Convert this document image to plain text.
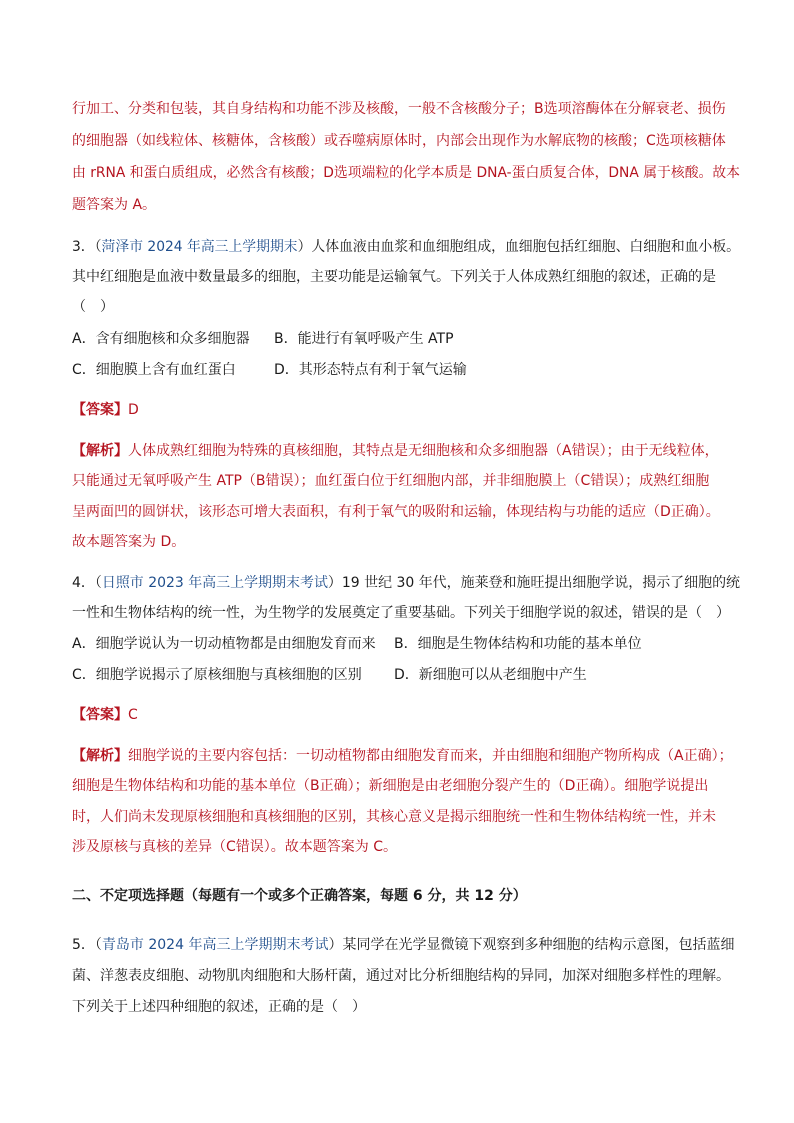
行加工、分类和包装，其自身结构和功能不涉及核酸，一般不含核酸分子；B选项溶酶体在分解衰老、损伤
的细胞器（如线粒体、核糖体，含核酸）或吞噬病原体时，内部会出现作为水解底物的核酸；C选项核糖体
由 rRNA 和蛋白质组成，必然含有核酸；D选项端粒的化学本质是 DNA-蛋白质复合体，DNA 属于核酸。故本
题答案为 A。
3．（菏泽市 2024 年高三上学期期末）人体血液由血浆和血细胞组成，血细胞包括红细胞、白细胞和血小板。
其中红细胞是血液中数量最多的细胞，主要功能是运输氧气。下列关于人体成熟红细胞的叙述，正确的是
（　）
A．含有细胞核和众多细胞器 B．能进行有氧呼吸产生 ATP
C．细胞膜上含有血红蛋白	D．其形态特点有利于氧气运输
【答案】D
【解析】人体成熟红细胞为特殊的真核细胞，其特点是无细胞核和众多细胞器（A错误）；由于无线粒体，
只能通过无氧呼吸产生 ATP（B错误）；血红蛋白位于红细胞内部，并非细胞膜上（C错误）；成熟红细胞
呈两面凹的圆饼状，该形态可增大表面积，有利于氧气的吸附和运输，体现结构与功能的适应（D正确）。
故本题答案为 D。
4．（日照市 2023 年高三上学期期末考试）19 世纪 30 年代，施莱登和施旺提出细胞学说，揭示了细胞的统
一性和生物体结构的统一性，为生物学的发展奠定了重要基础。下列关于细胞学说的叙述，错误的是（　）
A．细胞学说认为一切动植物都是由细胞发育而来 B．细胞是生物体结构和功能的基本单位
C．细胞学说揭示了原核细胞与真核细胞的区别 D．新细胞可以从老细胞中产生
【答案】C
【解析】细胞学说的主要内容包括：一切动植物都由细胞发育而来，并由细胞和细胞产物所构成（A正确）；
细胞是生物体结构和功能的基本单位（B正确）；新细胞是由老细胞分裂产生的（D正确）。细胞学说提出
时，人们尚未发现原核细胞和真核细胞的区别，其核心意义是揭示细胞统一性和生物体结构统一性，并未
涉及原核与真核的差异（C错误）。故本题答案为 C。
二、不定项选择题（每题有一个或多个正确答案，每题 6 分，共 12 分）
5．（青岛市 2024 年高三上学期期末考试）某同学在光学显微镜下观察到多种细胞的结构示意图，包括蓝细
菌、洋葱表皮细胞、动物肌肉细胞和大肠杆菌，通过对比分析细胞结构的异同，加深对细胞多样性的理解。
下列关于上述四种细胞的叙述，正确的是（　）
